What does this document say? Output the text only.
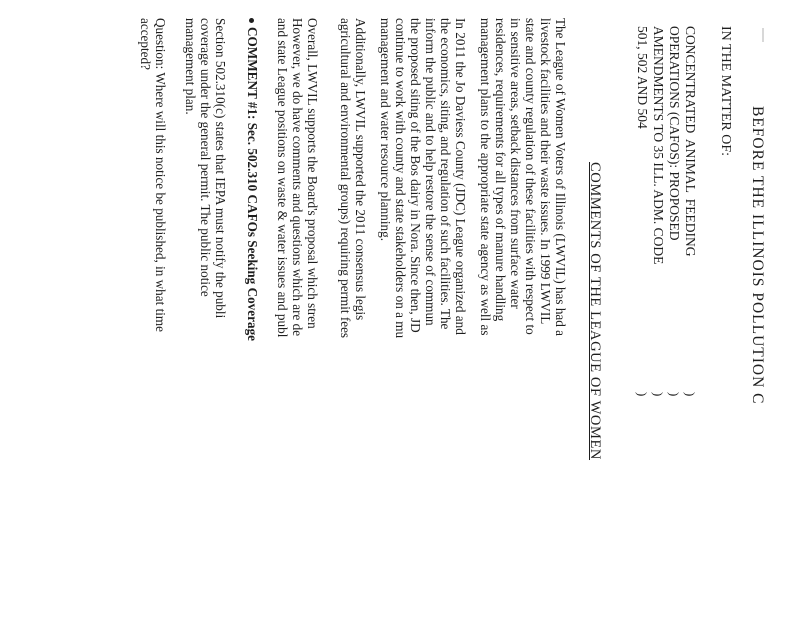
BEFORE THE ILLINOIS POLLUTION C
IN THE MATTER OF:
CONCENTRATED ANIMAL FEEDING
OPERATIONS (CAFOS): PROPOSED
AMENDMENTS TO 35 ILL. ADM. CODE
501, 502 AND 504
)
)
)
)
COMMENTS OF THE LEAGUE OF WOMEN
The League of Women Voters of Illinois (LWVIL) has had a
livestock facilities and their waste issues. In 1999 LWVIL
state and county regulation of these facilities with respect to
in sensitive areas, setback distances from surface water
residences, requirements for all types of manure handling
management plans to the appropriate state agency as well as
In 2011 the Jo Daviess County (JDC) League organized and
the economics, siting, and regulation of such facilities. The
inform the public and to help restore the sense of commun
the proposed siting of the Bos dairy in Nora. Since then, JD
continue to work with county and state stakeholders on a mu
management and water resource planning.
Additionally, LWVIL supported the 2011 consensus legis
agricultural and environmental groups) requiring permit fees
Overall, LWVIL supports the Board's proposal which stren
However, we do have comments and questions which are de
and state League positions on waste & water issues and publ
COMMENT #1: Sec. 502.310 CAFOs Seeking Coverage
Section 502.310(c) states that IEPA must notify the publi
coverage under the general permit. The public notice
management plan.
Question: Where will this notice be published, in what time
accepted?
